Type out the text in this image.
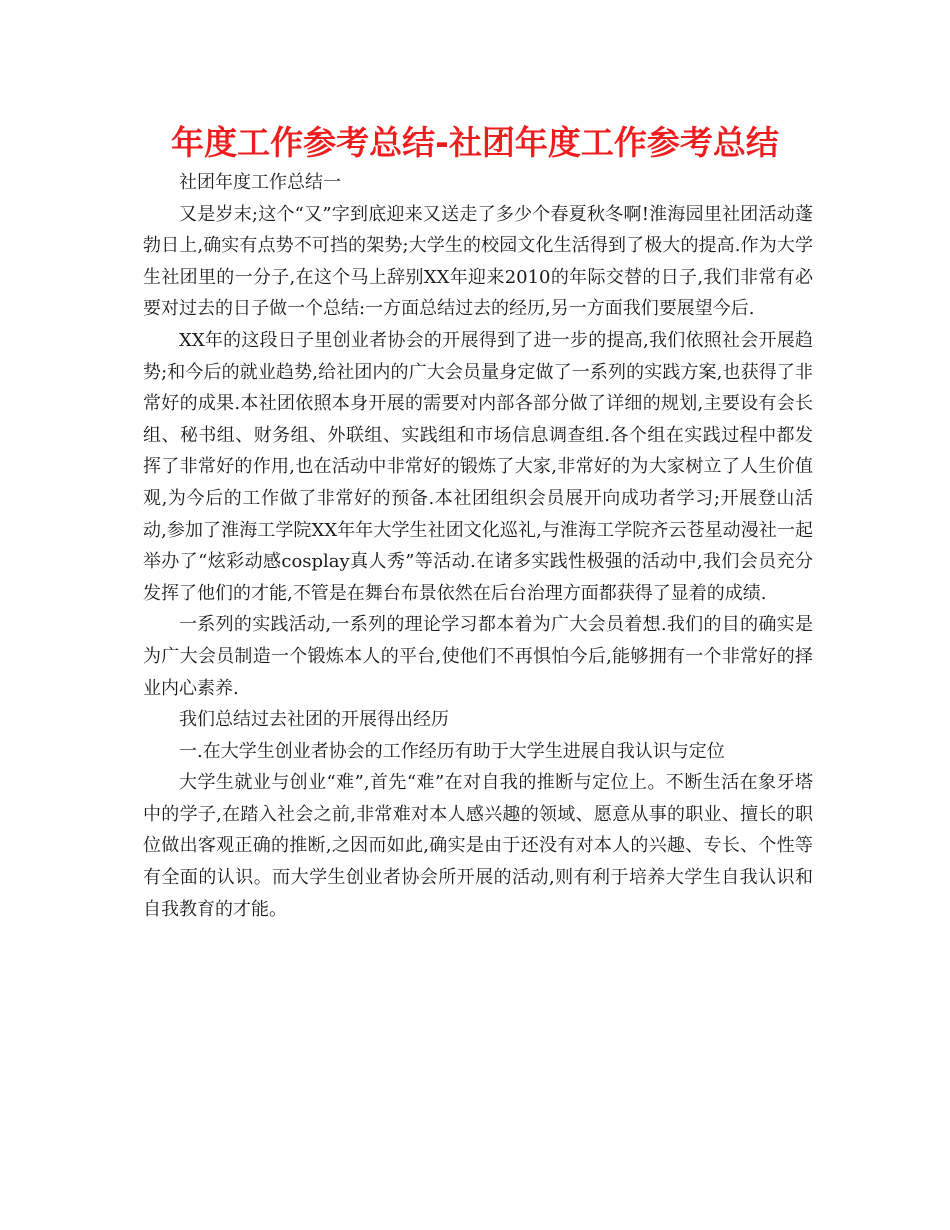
年度工作参考总结-社团年度工作参考总结

社团年度工作总结一

又是岁末;这个“又”字到底迎来又送走了多少个春夏秋冬啊!淮海园里社团活动蓬勃日上,确实有点势不可挡的架势;大学生的校园文化生活得到了极大的提高.作为大学生社团里的一分子,在这个马上辞别XX年迎来2010的年际交替的日子,我们非常有必要对过去的日子做一个总结:一方面总结过去的经历,另一方面我们要展望今后.

XX年的这段日子里创业者协会的开展得到了进一步的提高,我们依照社会开展趋势;和今后的就业趋势,给社团内的广大会员量身定做了一系列的实践方案,也获得了非常好的成果.本社团依照本身开展的需要对内部各部分做了详细的规划,主要设有会长组、秘书组、财务组、外联组、实践组和市场信息调查组.各个组在实践过程中都发挥了非常好的作用,也在活动中非常好的锻炼了大家,非常好的为大家树立了人生价值观,为今后的工作做了非常好的预备.本社团组织会员展开向成功者学习;开展登山活动,参加了淮海工学院XX年年大学生社团文化巡礼,与淮海工学院齐云苍星动漫社一起举办了“炫彩动感cosplay真人秀”等活动.在诸多实践性极强的活动中,我们会员充分发挥了他们的才能,不管是在舞台布景依然在后台治理方面都获得了显着的成绩.

一系列的实践活动,一系列的理论学习都本着为广大会员着想.我们的目的确实是为广大会员制造一个锻炼本人的平台,使他们不再惧怕今后,能够拥有一个非常好的择业内心素养.

我们总结过去社团的开展得出经历

一.在大学生创业者协会的工作经历有助于大学生进展自我认识与定位

大学生就业与创业“难”,首先“难”在对自我的推断与定位上。不断生活在象牙塔中的学子,在踏入社会之前,非常难对本人感兴趣的领域、愿意从事的职业、擅长的职位做出客观正确的推断,之因而如此,确实是由于还没有对本人的兴趣、专长、个性等有全面的认识。而大学生创业者协会所开展的活动,则有利于培养大学生自我认识和自我教育的才能。
